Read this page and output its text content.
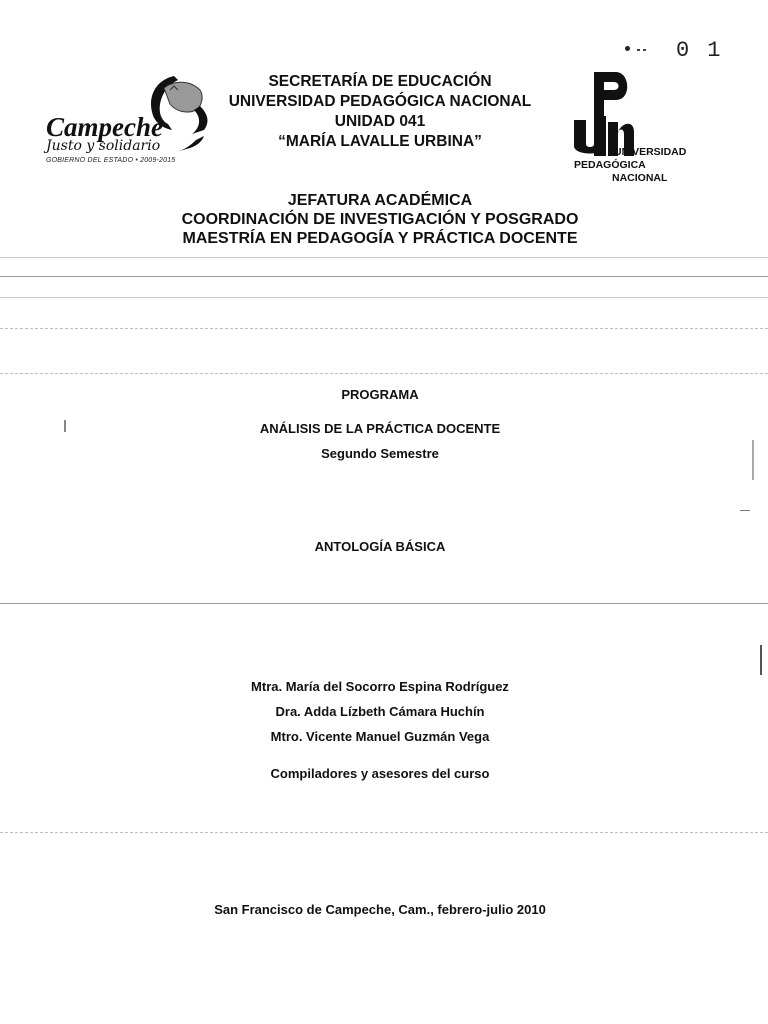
01
Campeche
Justo y solidario
GOBIERNO DEL ESTADO • 2009-2015
SECRETARÍA DE EDUCACIÓN
UNIVERSIDAD PEDAGÓGICA NACIONAL
UNIDAD 041
“MARÍA LAVALLE URBINA”
UNIVERSIDAD
PEDAGÓGICA
NACIONAL
JEFATURA ACADÉMICA
COORDINACIÓN DE INVESTIGACIÓN Y POSGRADO
MAESTRÍA EN PEDAGOGÍA Y PRÁCTICA DOCENTE
PROGRAMA
ANÁLISIS DE LA PRÁCTICA DOCENTE
Segundo Semestre
ANTOLOGÍA BÁSICA
Mtra. María del Socorro Espina Rodríguez
Dra. Adda Lízbeth Cámara Huchín
Mtro. Vicente Manuel Guzmán Vega
Compiladores y asesores del curso
San Francisco de Campeche, Cam., febrero-julio 2010
